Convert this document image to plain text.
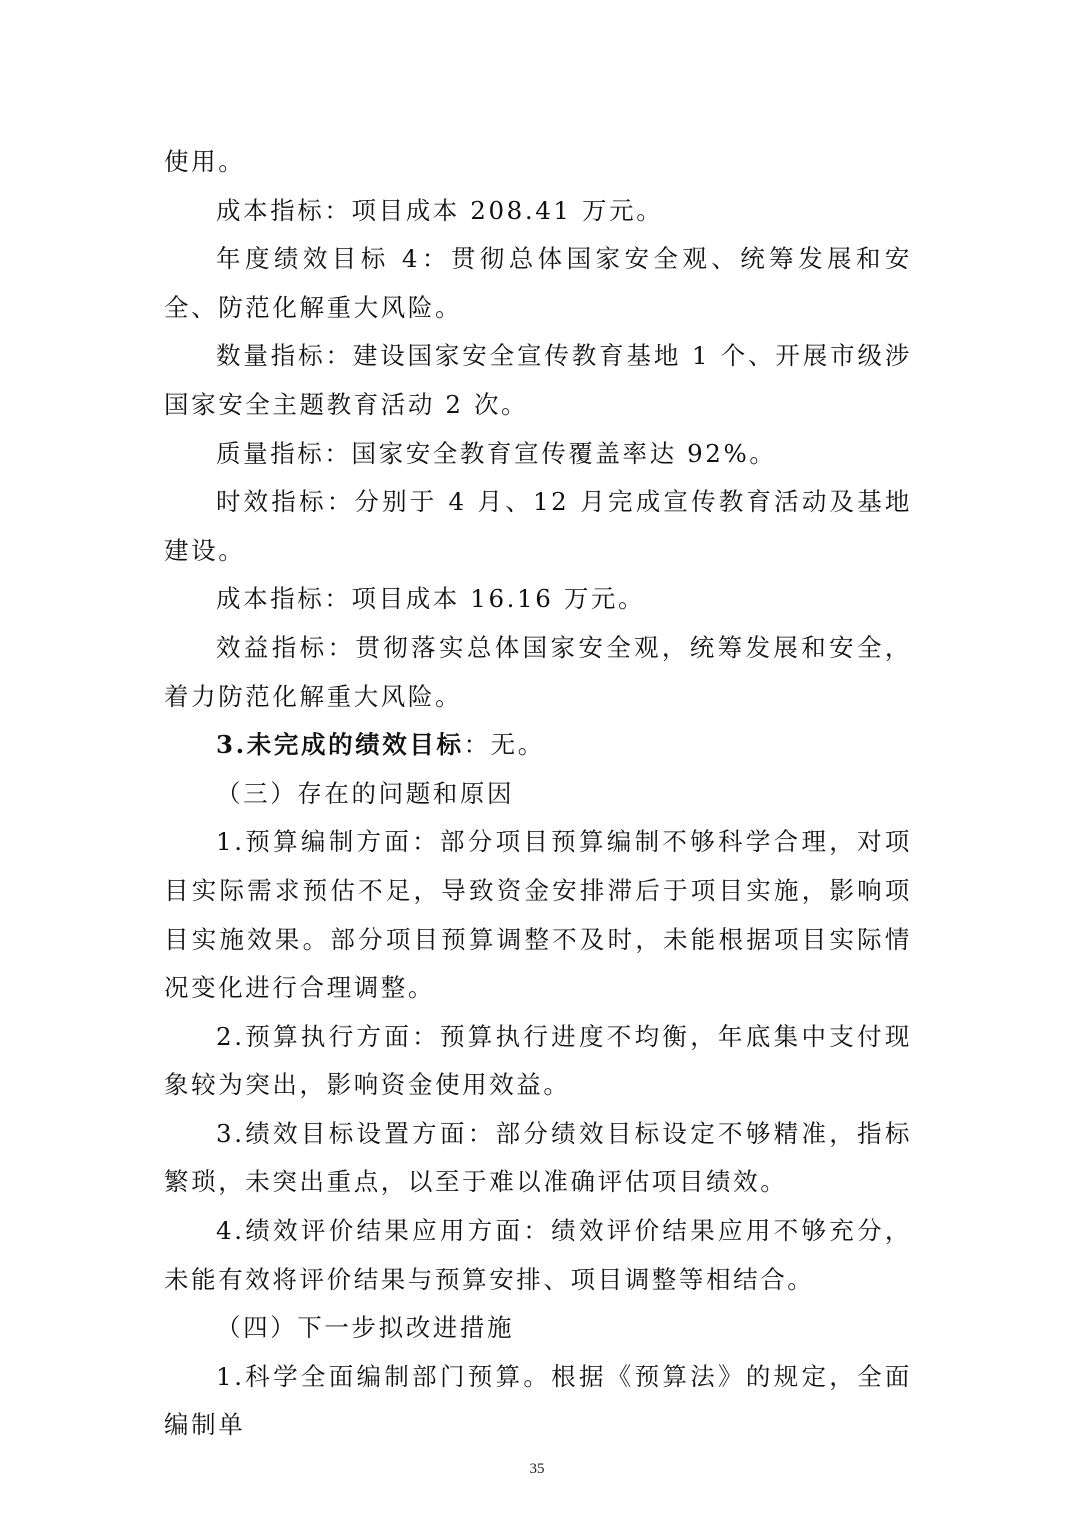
使用。

成本指标：项目成本 208.41 万元。

年度绩效目标 4：贯彻总体国家安全观、统筹发展和安全、防范化解重大风险。

数量指标：建设国家安全宣传教育基地 1 个、开展市级涉国家安全主题教育活动 2 次。

质量指标：国家安全教育宣传覆盖率达 92%。

时效指标：分别于 4 月、12 月完成宣传教育活动及基地建设。

成本指标：项目成本 16.16 万元。

效益指标：贯彻落实总体国家安全观，统筹发展和安全，着力防范化解重大风险。

3.未完成的绩效目标：无。

（三）存在的问题和原因

1.预算编制方面：部分项目预算编制不够科学合理，对项目实际需求预估不足，导致资金安排滞后于项目实施，影响项目实施效果。部分项目预算调整不及时，未能根据项目实际情况变化进行合理调整。

2.预算执行方面：预算执行进度不均衡，年底集中支付现象较为突出，影响资金使用效益。

3.绩效目标设置方面：部分绩效目标设定不够精准，指标繁琐，未突出重点，以至于难以准确评估项目绩效。

4.绩效评价结果应用方面：绩效评价结果应用不够充分，未能有效将评价结果与预算安排、项目调整等相结合。

（四）下一步拟改进措施

1.科学全面编制部门预算。根据《预算法》的规定，全面编制单

35
